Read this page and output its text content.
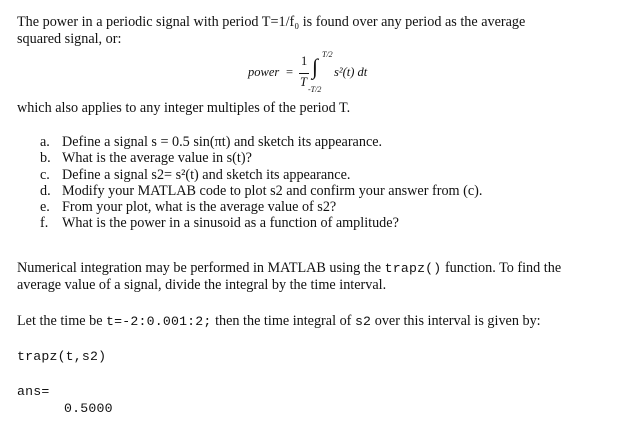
The power in a periodic signal with period T=1/f₀ is found over any period as the average
squared signal, or:
power =
1
T
∫ T/2
-T/2
s²(t) dt
which also applies to any integer multiples of the period T.
a. Define a signal s = 0.5 sin(πt) and sketch its appearance.
b. What is the average value in s(t)?
c. Define a signal s2= s²(t) and sketch its appearance.
d. Modify your MATLAB code to plot s2 and confirm your answer from (c).
e. From your plot, what is the average value of s2?
f. What is the power in a sinusoid as a function of amplitude?
Numerical integration may be performed in MATLAB using the trapz() function. To find the
average value of a signal, divide the integral by the time interval.
Let the time be t=-2:0.001:2; then the time integral of s2 over this interval is given by:
trapz(t,s2)
ans=
0.5000
